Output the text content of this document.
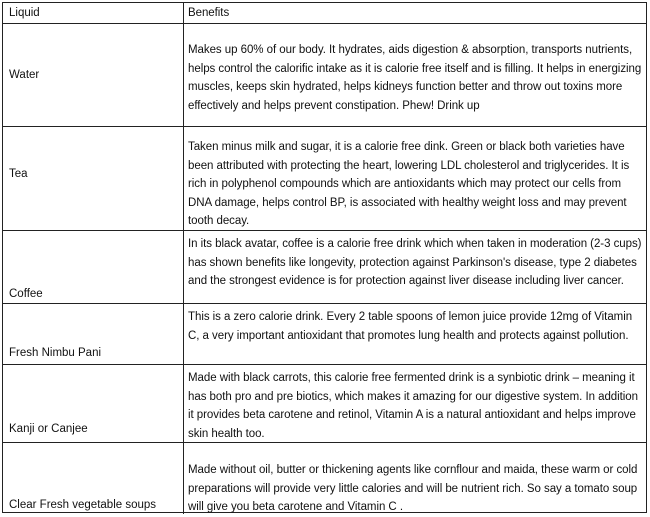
Liquid	Benefits
Water
Makes up 60% of our body. It hydrates, aids digestion & absorption, transports nutrients, helps control the calorific intake as it is calorie free itself and is filling. It helps in energizing muscles, keeps skin hydrated, helps kidneys function better and throw out toxins more effectively and helps prevent constipation. Phew! Drink up
Tea
Taken minus milk and sugar, it is a calorie free dink. Green or black both varieties have been attributed with protecting the heart, lowering LDL cholesterol and triglycerides. It is rich in polyphenol compounds which are antioxidants which may protect our cells from DNA damage, helps control BP, is associated with healthy weight loss and may prevent tooth decay.
Coffee
In its black avatar, coffee is a calorie free drink which when taken in moderation (2-3 cups) has shown benefits like longevity, protection against Parkinson's disease, type 2 diabetes and the strongest evidence is for protection against liver disease including liver cancer.
Fresh Nimbu Pani
This is a zero calorie drink. Every 2 table spoons of lemon juice provide 12mg of Vitamin C, a very important antioxidant that promotes lung health and protects against pollution.
Kanji or Canjee
Made with black carrots, this calorie free fermented drink is a synbiotic drink – meaning it has both pro and pre biotics, which makes it amazing for our digestive system. In addition it provides beta carotene and retinol, Vitamin A is a natural antioxidant and helps improve skin health too.
Clear Fresh vegetable soups
Made without oil, butter or thickening agents like cornflour and maida, these warm or cold preparations will provide very little calories and will be nutrient rich. So say a tomato soup will give you beta carotene and Vitamin C .
